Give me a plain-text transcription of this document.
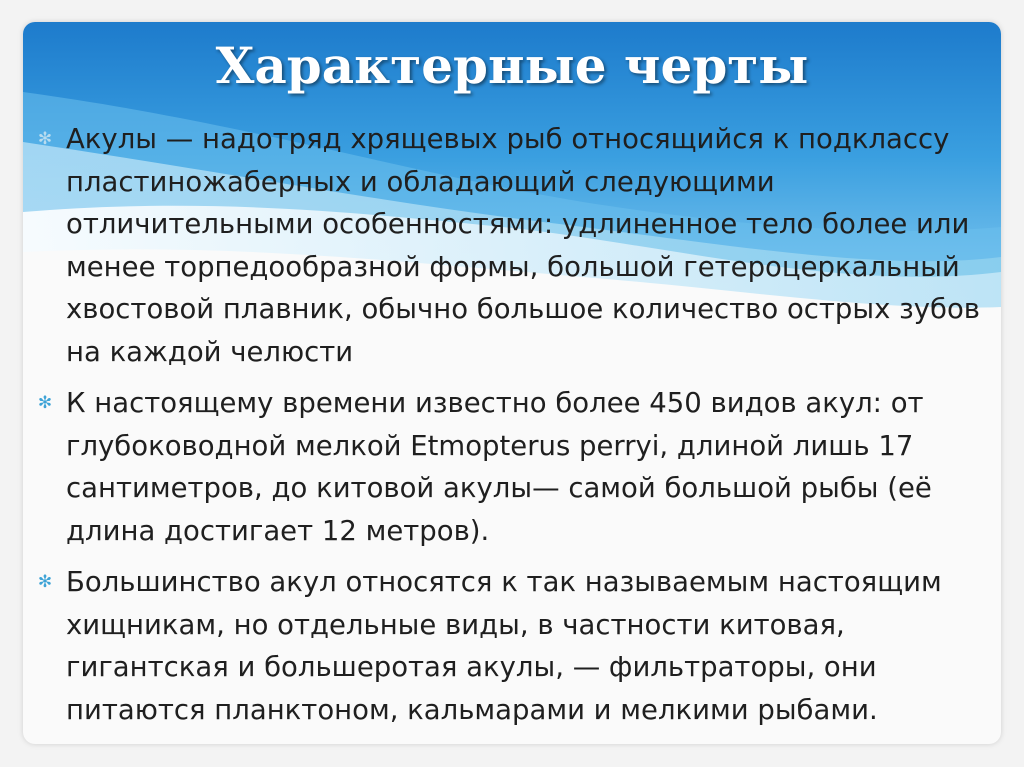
Характерные черты
✻ Акулы — надотряд хрящевых рыб относящийся к подклассу пластиножаберных и обладающий следующими отличительными особенностями: удлиненное тело более или менее торпедообразной формы, большой гетероцеркальный хвостовой плавник, обычно большое количество острых зубов на каждой челюсти
✻ К настоящему времени известно более 450 видов акул: от глубоководной мелкой Etmopterus perryi, длиной лишь 17 сантиметров, до китовой акулы— самой большой рыбы (её длина достигает 12 метров).
✻ Большинство акул относятся к так называемым настоящим хищникам, но отдельные виды, в частности китовая, гигантская и большеротая акулы, — фильтраторы, они питаются планктоном, кальмарами и мелкими рыбами.
